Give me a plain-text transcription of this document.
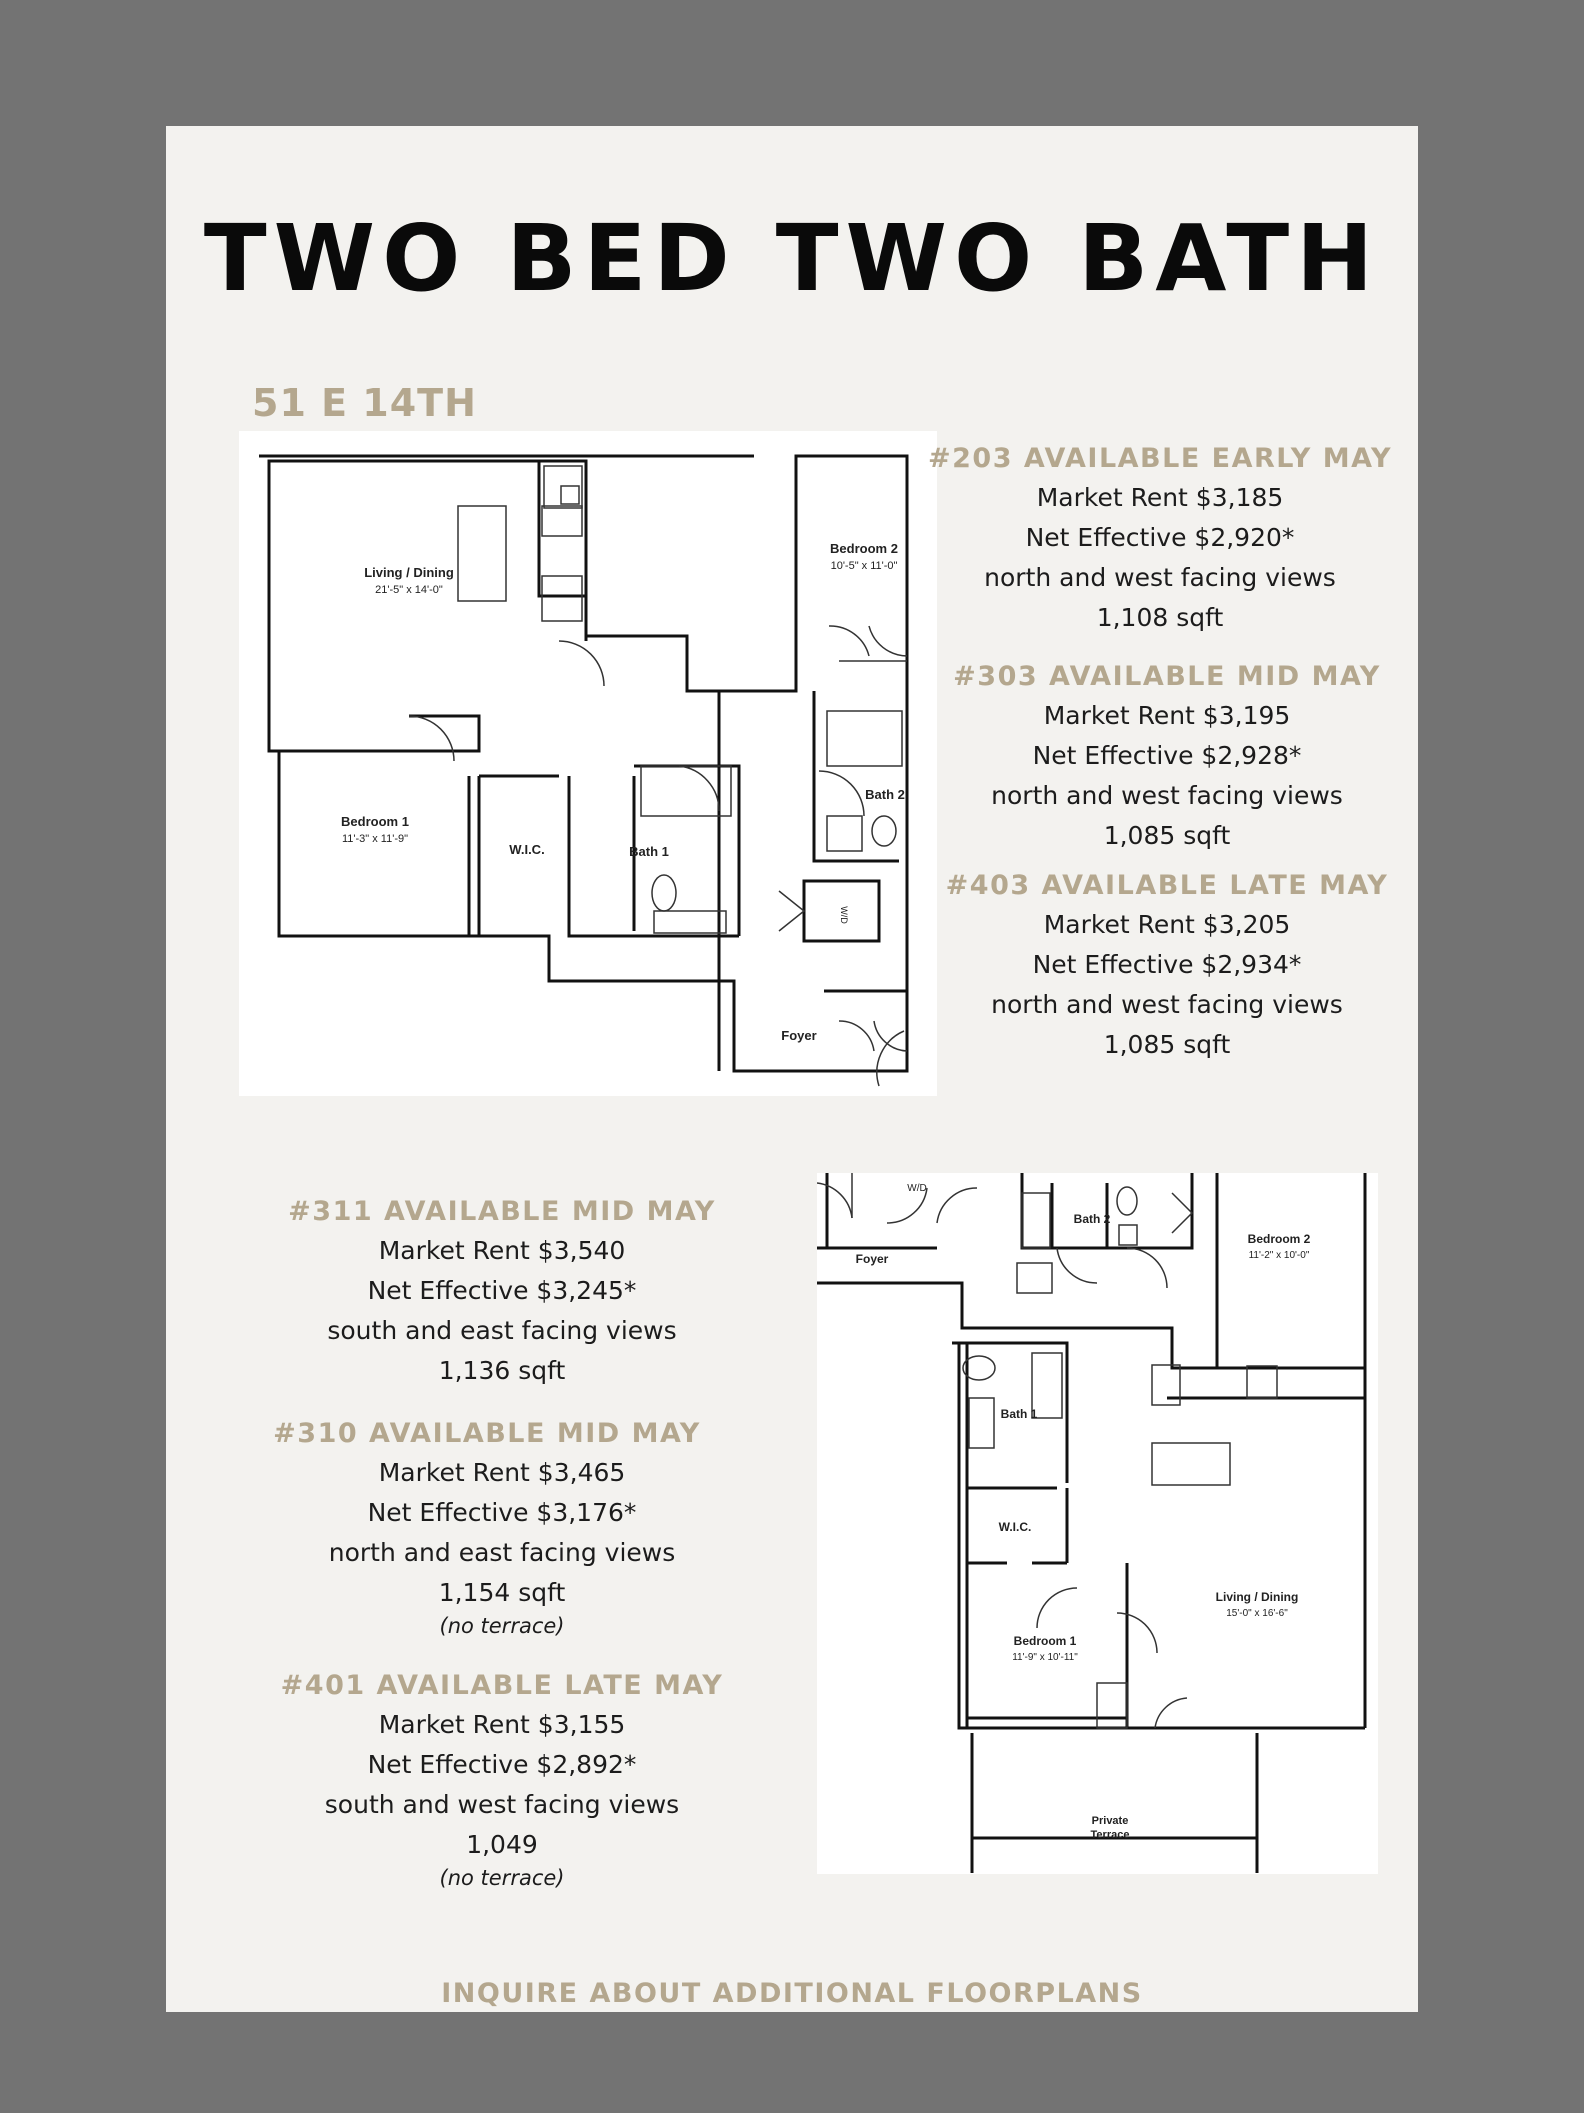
TWO BED TWO BATH
51 E 14TH
Living / Dining
21'-5" x 14'-0"
Bedroom 2
10'-5" x 11'-0"
Bedroom 1
11'-3" x 11'-9"
W.I.C.	Bath 1
Bath 2
W/D
Foyer
#203 AVAILABLE EARLY MAY
Market Rent $3,185
Net Effective $2,920*
north and west facing views
1,108 sqft
#303 AVAILABLE MID MAY
Market Rent $3,195
Net Effective $2,928*
north and west facing views
1,085 sqft
#403 AVAILABLE LATE MAY
Market Rent $3,205
Net Effective $2,934*
north and west facing views
1,085 sqft
#311 AVAILABLE MID MAY
Market Rent $3,540
Net Effective $3,245*
south and east facing views
1,136 sqft
#310 AVAILABLE MID MAY
Market Rent $3,465
Net Effective $3,176*
north and east facing views
1,154 sqft
(no terrace)
#401 AVAILABLE LATE MAY
Market Rent $3,155
Net Effective $2,892*
south and west facing views
1,049
(no terrace)
W/D
Bath 2
Bedroom 2
11'-2" x 10'-0"
Foyer
Bath 1
W.I.C.
Living / Dining
15'-0" x 16'-6"
Bedroom 1
11'-9" x 10'-11"
Private
Terrace
INQUIRE ABOUT ADDITIONAL FLOORPLANS
